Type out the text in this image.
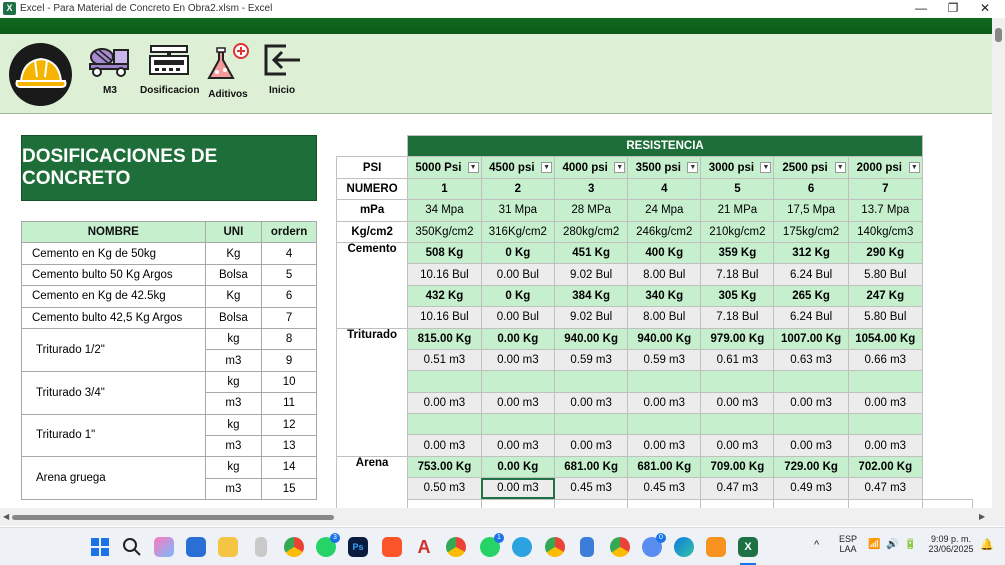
X Excel - Para Material de Concreto En Obra2.xlsm - Excel	—	❐	✕
M3	Dosificacion Aditivos	Inicio
DOSIFICACIONES DE CONCRETO
NOMBRE	UNI	ordern
Cemento en Kg de 50kg	Kg	4
Cemento bulto 50 Kg Argos	Bolsa	5
Cemento en Kg de 42.5kg	Kg	6
Cemento bulto 42,5 Kg Argos	Bolsa	7
Triturado 1/2"	kg	8
	m3	9
Triturado 3/4"	kg	10
	m3	11
Triturado 1"	kg	12
	m3	13
Arena gruega	kg	14
	m3	15
	RESISTENCIA							
PSI	5000 Psi ▼	4500 psi ▼	4000 psi ▼	3500 psi ▼	3000 psi ▼	2500 psi ▼	2000 psi ▼	

NUMERO	1	2	3	4	5	6	7	
mPa	34 Mpa	31 Mpa	28 MPa	24 Mpa	21 MPa	17,5 Mpa	13.7 Mpa	
Kg/cm2	350Kg/cm2	316Kg/cm2	280kg/cm2	246kg/cm2	210kg/cm2	175kg/cm2	140kg/cm3	
Cemento	508 Kg	0 Kg	451 Kg	400 Kg	359 Kg	312 Kg	290 Kg	
	10.16 Bul	0.00 Bul	9.02 Bul	8.00 Bul	7.18 Bul	6.24 Bul	5.80 Bul	
	432 Kg	0 Kg	384 Kg	340 Kg	305 Kg	265 Kg	247 Kg	
	10.16 Bul	0.00 Bul	9.02 Bul	8.00 Bul	7.18 Bul	6.24 Bul	5.80 Bul	
Triturado	815.00 Kg	0.00 Kg	940.00 Kg	940.00 Kg	979.00 Kg	1007.00 Kg	1054.00 Kg	
	0.51 m3	0.00 m3	0.59 m3	0.59 m3	0.61 m3	0.63 m3	0.66 m3	

	0.00 m3	0.00 m3	0.00 m3	0.00 m3	0.00 m3	0.00 m3	0.00 m3	

	0.00 m3	0.00 m3	0.00 m3	0.00 m3	0.00 m3	0.00 m3	0.00 m3	
Arena	753.00 Kg	0.00 Kg	681.00 Kg	681.00 Kg	709.00 Kg	729.00 Kg	702.00 Kg	
	0.50 m3	0.00 m3	0.45 m3	0.45 m3	0.47 m3	0.49 m3	0.47 m3	

◀	▶
3
Ps	A	1	0
X	^	ESP
LAA	📶 🔊 🔋	9:09 p. m.
23/06/2025 🔔
